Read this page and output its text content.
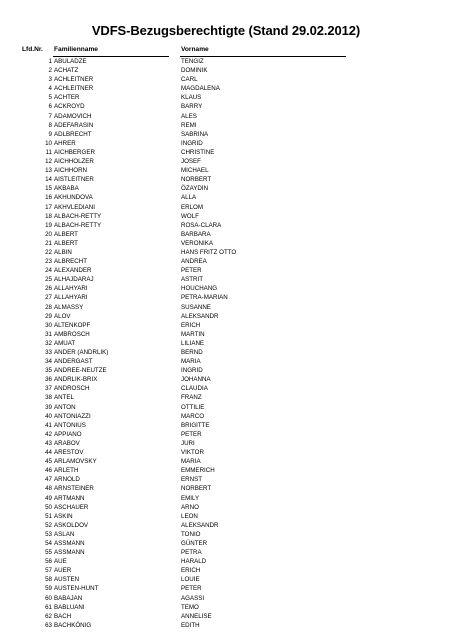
VDFS-Bezugsberechtigte (Stand 29.02.2012)
Lfd.Nr. Familienname	Vorname
1 ABULADZE	TENGIZ
2 ACHATZ	DOMINIK
3 ACHLEITNER	CARL
4 ACHLEITNER	MAGDALENA
5 ACHTER	KLAUS
6 ACKROYD	BARRY
7 ADAMOVICH	ALES
8 ADEFARASIN	REMI
9 ADLBRECHT	SABRINA
10 AHRER	INGRID
11 AICHBERGER	CHRISTINE
12 AICHHOLZER	JOSEF
13 AICHHORN	MICHAEL
14 AISTLEITNER	NORBERT
15 AKBABA	ÖZAYDIN
16 AKHUNDOVA	ALLA
17 AKHVLEDIANI	ERLOM
18 ALBACH-RETTY	WOLF
19 ALBACH-RETTY	ROSA-CLARA
20 ALBERT	BARBARA
21 ALBERT	VERONIKA
22 ALBIN	HANS FRITZ OTTO
23 ALBRECHT	ANDREA
24 ALEXANDER	PETER
25 ALHAJDARAJ	ASTRIT
26 ALLAHYARI	HOUCHANG
27 ALLAHYARI	PETRA-MARIAN
28 ALMASSY	SUSANNE
29 ALOV	ALEKSANDR
30 ALTENKOPF	ERICH
31 AMBROSCH	MARTIN
32 AMUAT	LILIANE
33 ANDER (ANDRLIK)	BERND
34 ANDERGAST	MARIA
35 ANDREE-NEUTZE	INGRID
36 ANDRLIK-BRIX	JOHANNA
37 ANDROSCH	CLAUDIA
38 ANTEL	FRANZ
39 ANTON	OTTILIE
40 ANTONIAZZI	MARCO
41 ANTONIUS	BRIGITTE
42 APPIANO	PETER
43 ARABOV	JURI
44 ARESTOV	VIKTOR
45 ARLAMOVSKY	MARIA
46 ARLETH	EMMERICH
47 ARNOLD	ERNST
48 ARNSTEINER	NORBERT
49 ARTMANN	EMILY
50 ASCHAUER	ARNO
51 ASKIN	LEON
52 ASKOLDOV	ALEKSANDR
53 ASLAN	TONIO
54 ASSMANN	GÜNTER
55 ASSMANN	PETRA
56 AUE	HARALD
57 AUER	ERICH
58 AUSTEN	LOUIE
59 AUSTEN-HUNT	PETER
60 BABAJAN	AGASSI
61 BABLUANI	TEMO
62 BACH	ANNELISE
63 BACHKÖNIG	EDITH
